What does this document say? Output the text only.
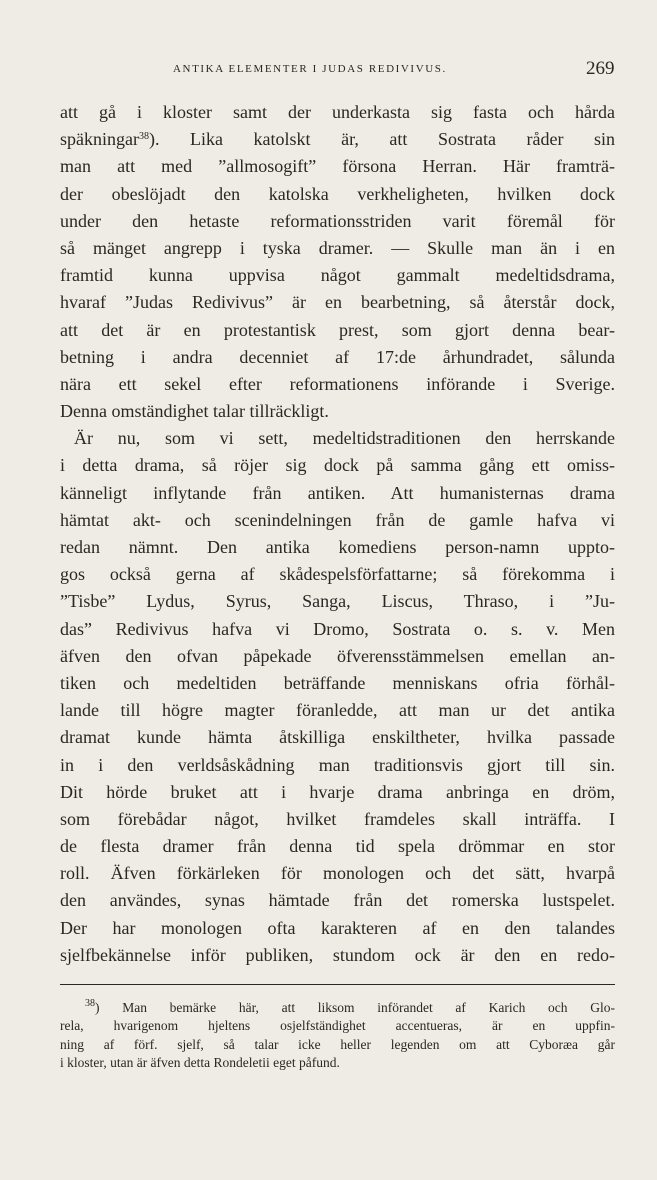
ANTIKA ELEMENTER I JUDAS REDIVIVUS.	269
att gå i kloster samt der underkasta sig fasta och hårda
späkningar$^{38}$). Lika katolskt är, att Sostrata råder sin
man att med ”allmosogift” försona Herran. Här framträ-
der obeslöjadt den katolska verkheligheten, hvilken dock
under den hetaste reformationsstriden varit föremål för
så mänget angrepp i tyska dramer. — Skulle man än i en
framtid kunna uppvisa något gammalt medeltidsdrama,
hvaraf ”Judas Redivivus” är en bearbetning, så återstår dock,
att det är en protestantisk prest, som gjort denna bear-
betning i andra decenniet af 17:de århundradet, sålunda
nära ett sekel efter reformationens införande i Sverige.
Denna omständighet talar tillräckligt.
Är nu, som vi sett, medeltidstraditionen den herrskande
i detta drama, så röjer sig dock på samma gång ett omiss-
känneligt inflytande från antiken. Att humanisternas drama
hämtat akt- och scenindelningen från de gamle hafva vi
redan nämnt. Den antika komediens person-namn uppto-
gos också gerna af skådespelsförfattarne; så förekomma i
”Tisbe” Lydus, Syrus, Sanga, Liscus, Thraso, i ”Ju-
das” Redivivus hafva vi Dromo, Sostrata o. s. v. Men
äfven den ofvan påpekade öfverensstämmelsen emellan an-
tiken och medeltiden beträffande menniskans ofria förhål-
lande till högre magter föranledde, att man ur det antika
dramat kunde hämta åtskilliga enskiltheter, hvilka passade
in i den verldsåskådning man traditionsvis gjort till sin.
Dit hörde bruket att i hvarje drama anbringa en dröm,
som förebådar något, hvilket framdeles skall inträffa. I
de flesta dramer från denna tid spela drömmar en stor
roll. Äfven förkärleken för monologen och det sätt, hvarpå
den användes, synas hämtade från det romerska lustspelet.
Der har monologen ofta karakteren af en den talandes
sjelfbekännelse inför publiken, stundom ock är den en redo-
$^{38}$) Man bemärke här, att liksom införandet af Karich och Glo-
rela, hvarigenom hjeltens osjelfständighet accentueras, är en uppfin-
ning af förf. sjelf, så talar icke heller legenden om att Cyboræa går
i kloster, utan är äfven detta Rondeletii eget påfund.
